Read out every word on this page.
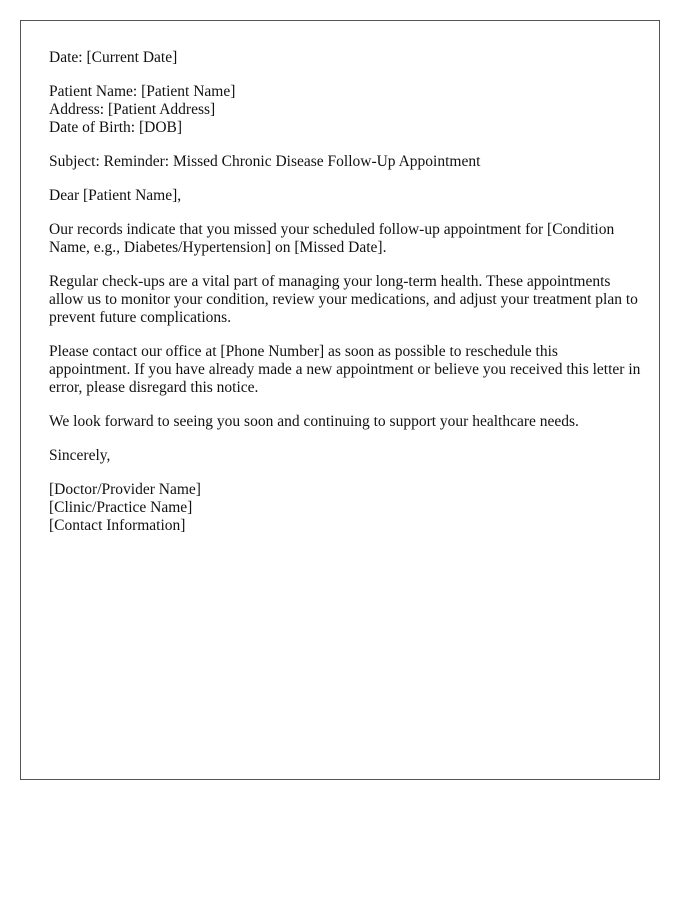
Date: [Current Date]

Patient Name: [Patient Name]
Address: [Patient Address]
Date of Birth: [DOB]

Subject: Reminder: Missed Chronic Disease Follow-Up Appointment

Dear [Patient Name],

Our records indicate that you missed your scheduled follow-up appointment for [Condition Name, e.g., Diabetes/Hypertension] on [Missed Date].

Regular check-ups are a vital part of managing your long-term health. These appointments allow us to monitor your condition, review your medications, and adjust your treatment plan to prevent future complications.

Please contact our office at [Phone Number] as soon as possible to reschedule this appointment. If you have already made a new appointment or believe you received this letter in error, please disregard this notice.

We look forward to seeing you soon and continuing to support your healthcare needs.

Sincerely,

[Doctor/Provider Name]
[Clinic/Practice Name]
[Contact Information]
